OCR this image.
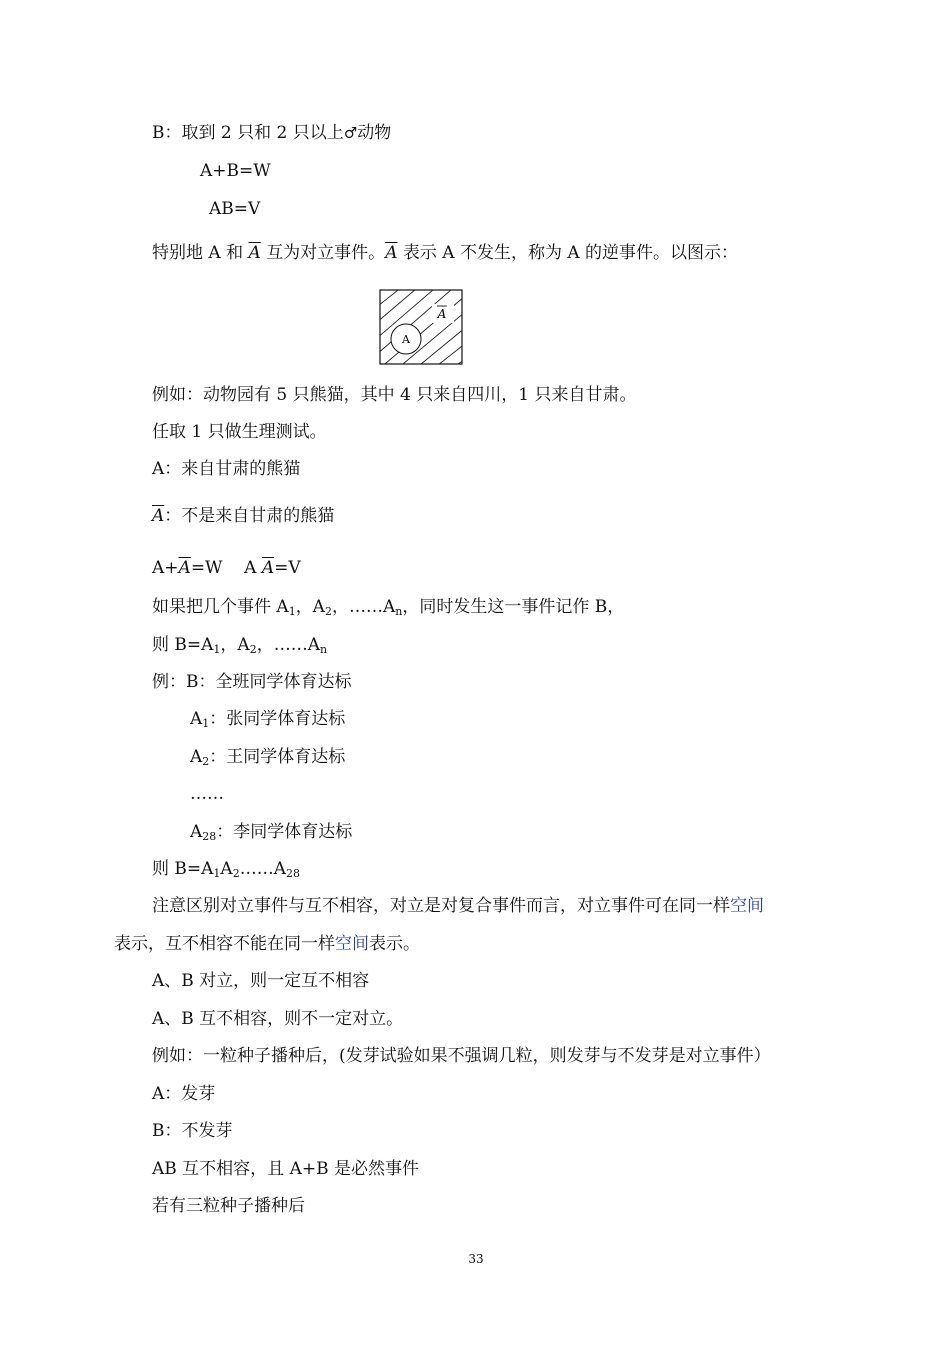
B：取到 2 只和 2 只以上♂动物
A+B=W
AB=V
特别地 A 和 $\overline{A}$ 互为对立事件。$\overline{A}$ 表示 A 不发生，称为 A 的逆事件。以图示：
A
A
例如：动物园有 5 只熊猫，其中 4 只来自四川，1 只来自甘肃。
任取 1 只做生理测试。
A：来自甘肃的熊猫
$\overline{A}$：不是来自甘肃的熊猫
$A+\overline{A}=W$ A $\overline{A}=V$
如果把几个事件 $A_1$，$A_2$，$\dots\dots A_n$，同时发生这一事件记作 B，
则 $B=A_1$，$A_2$，$\dots\dots A_n$
例：B：全班同学体育达标
$A_1$：张同学体育达标
$A_2$：王同学体育达标
……
$A_{28}$：李同学体育达标
则 $B=A_1A_2\dots\dots A_{28}$
注意区别对立事件与互不相容，对立是对复合事件而言，对立事件可在同一样空间
表示，互不相容不能在同一样空间表示。
A、B 对立，则一定互不相容
A、B 互不相容，则不一定对立。
例如：一粒种子播种后，(发芽试验如果不强调几粒，则发芽与不发芽是对立事件）
A：发芽
B：不发芽
AB 互不相容，且 A+B 是必然事件
若有三粒种子播种后
33
